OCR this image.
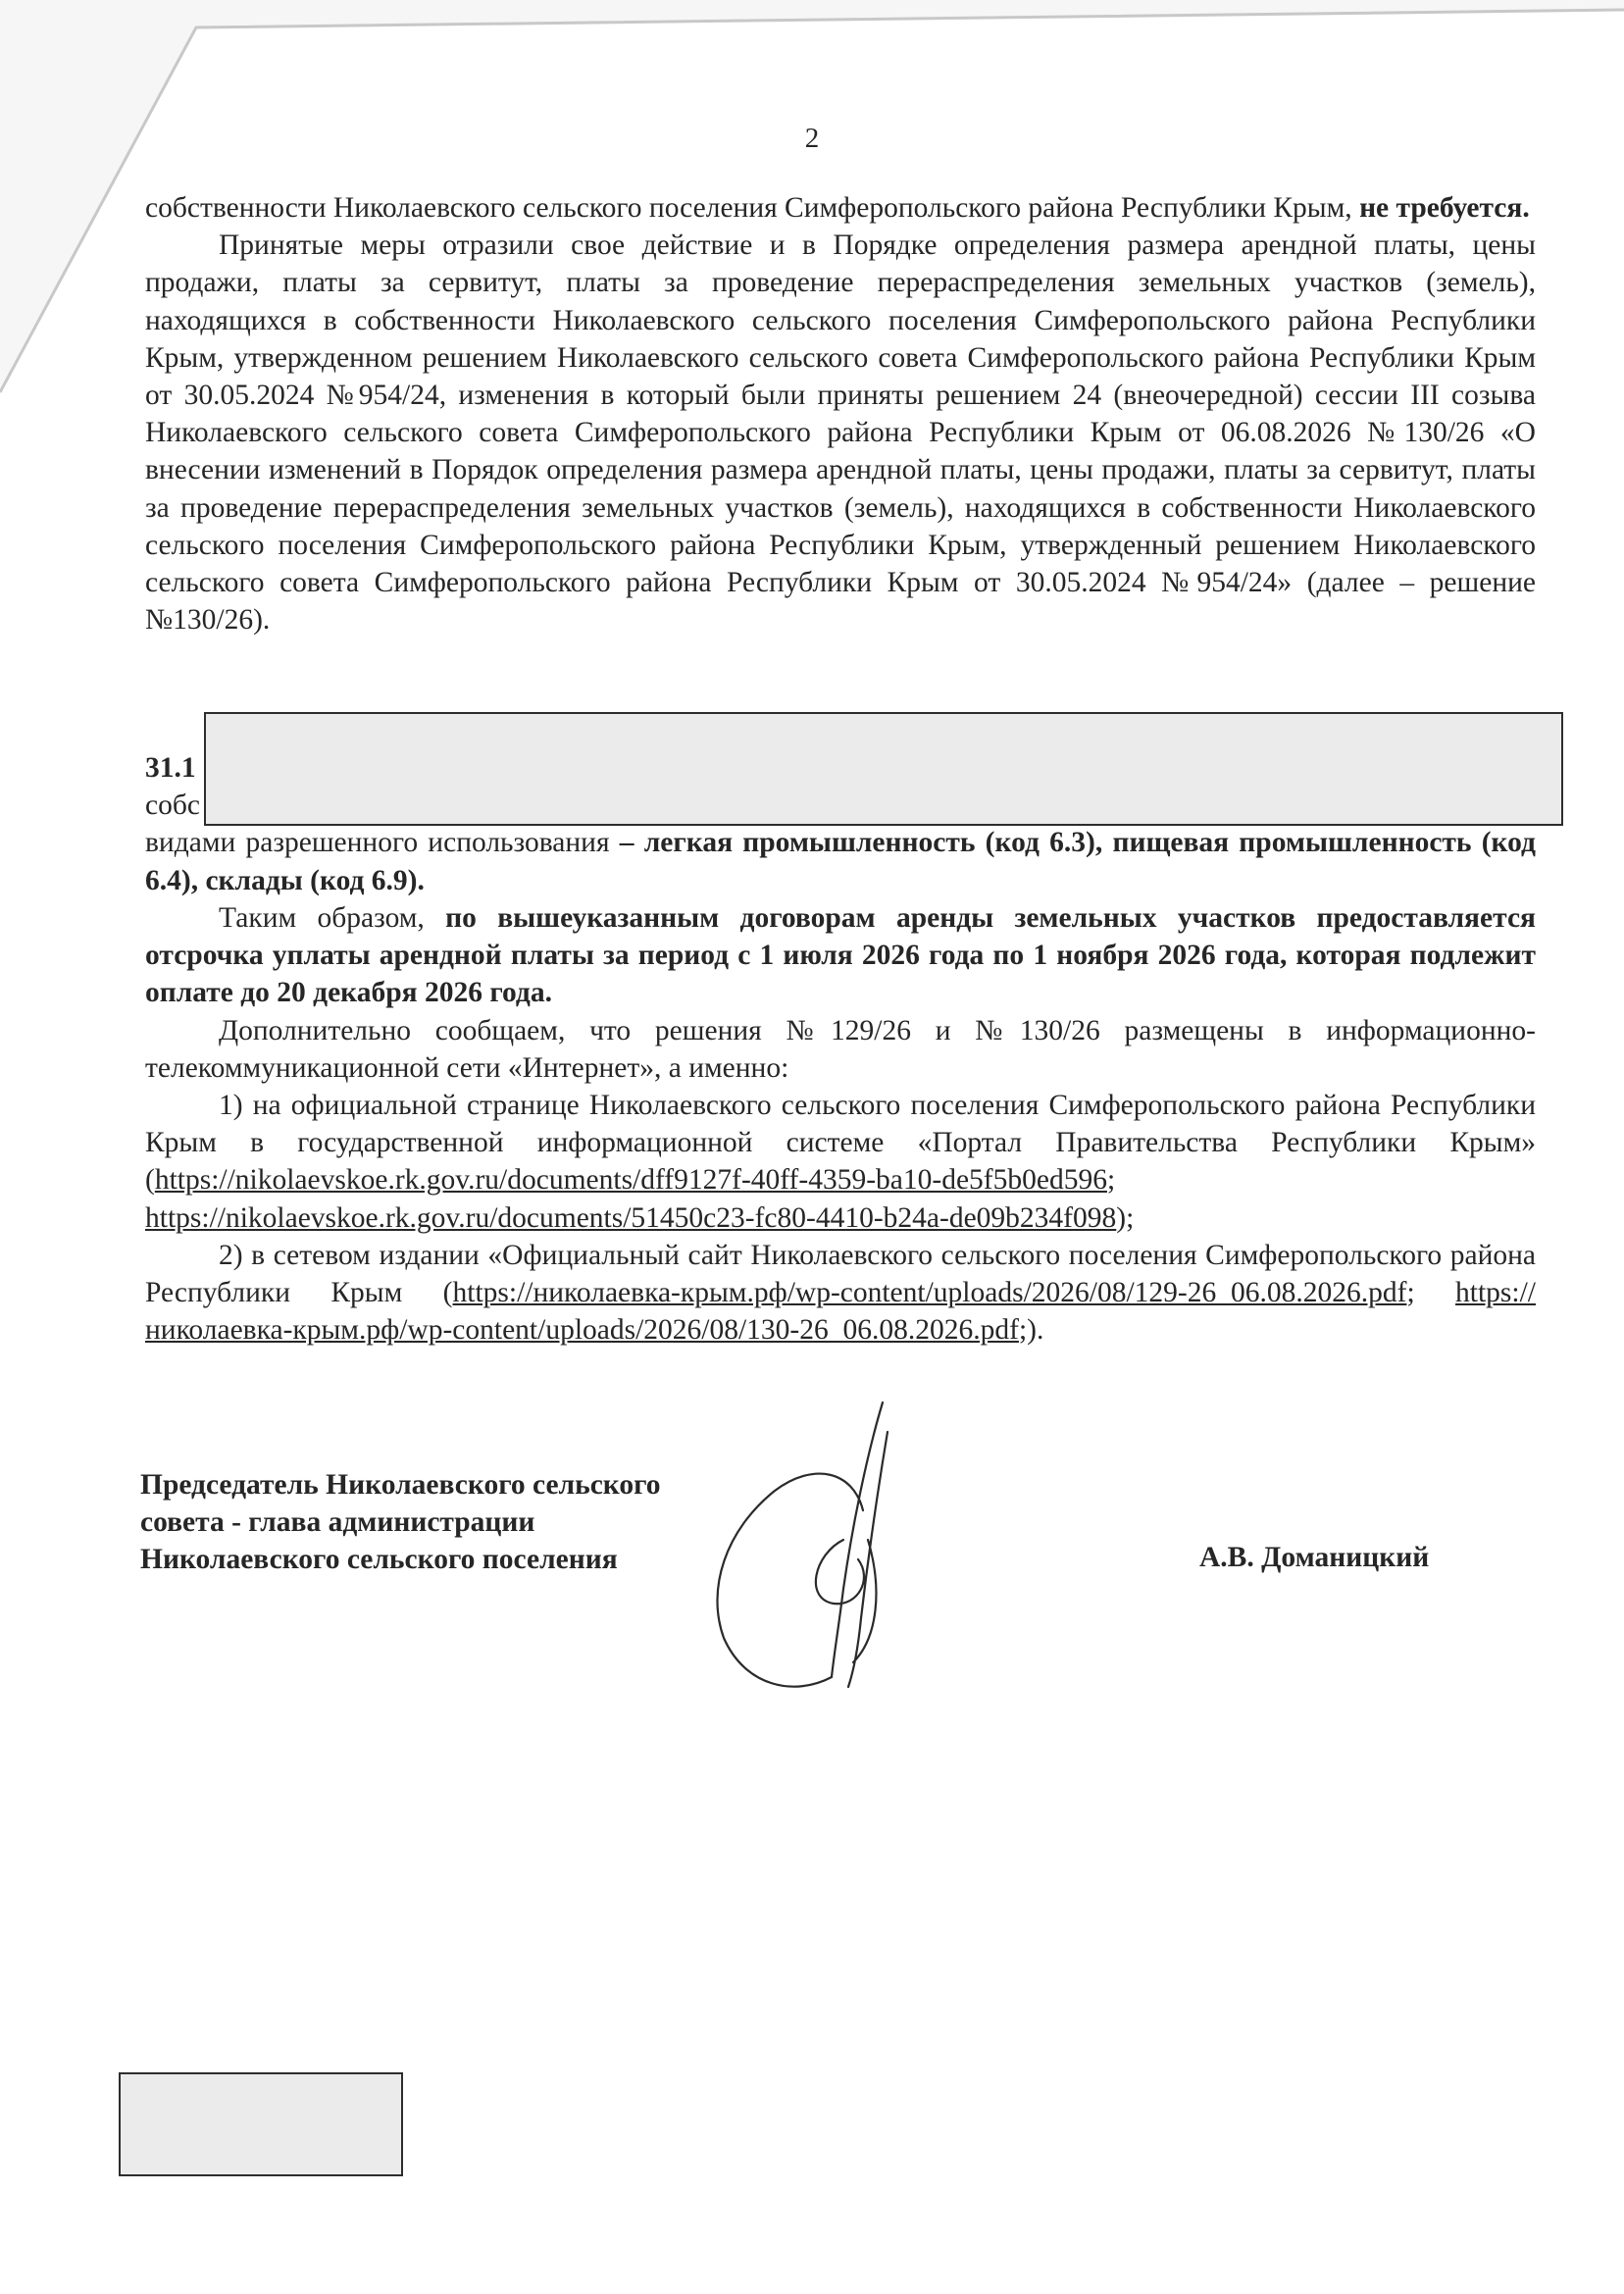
2

собственности Николаевского сельского поселения Симферопольского района Республики Крым, не требуется.

Принятые меры отразили свое действие и в Порядке определения размера арендной платы, цены продажи, платы за сервитут, платы за проведение перераспределения земельных участков (земель), находящихся в собственности Николаевского сельского поселения Симферопольского района Республики Крым, утвержденном решением Николаевского сельского совета Симферопольского района Республики Крым от 30.05.2024 №954/24, изменения в который были приняты решением 24 (внеочередной) сессии III созыва Николаевского сельского совета Симферопольского района Республики Крым от 06.08.2026 №130/26 «О внесении изменений в Порядок определения размера арендной платы, цены продажи, платы за сервитут, платы за проведение перераспределения земельных участков (земель), находящихся в собственности Николаевского сельского поселения Симферопольского района Республики Крым, утвержденный решением Николаевского сельского совета Симферопольского района Республики Крым от 30.05.2024 №954/24» (далее – решение №130/26).

31.1
собс

видами разрешенного использования – легкая промышленность (код 6.3), пищевая промышленность (код 6.4), склады (код 6.9).

Таким образом, по вышеуказанным договорам аренды земельных участков предоставляется отсрочка уплаты арендной платы за период с 1 июля 2026 года по 1 ноября 2026 года, которая подлежит оплате до 20 декабря 2026 года.

Дополнительно сообщаем, что решения №129/26 и №130/26 размещены в информационно-телекоммуникационной сети «Интернет», а именно:

1) на официальной странице Николаевского сельского поселения Симферопольского района Республики Крым в государственной информационной системе «Портал Правительства Республики Крым» (https://nikolaevskoe.rk.gov.ru/documents/dff9127f-40ff-4359-ba10-de5f5b0ed596; https://nikolaevskoe.rk.gov.ru/documents/51450c23-fc80-4410-b24a-de09b234f098);

2) в сетевом издании «Официальный сайт Николаевского сельского поселения Симферопольского района Республики Крым (https://николаевка-крым.рф/wp-content/uploads/2026/08/129-26_06.08.2026.pdf; https://николаевка-крым.рф/wp-content/uploads/2026/08/130-26_06.08.2026.pdf;).

Председатель Николаевского сельского
совета - глава администрации
Николаевского сельского поселения	А.В. Доманицкий
